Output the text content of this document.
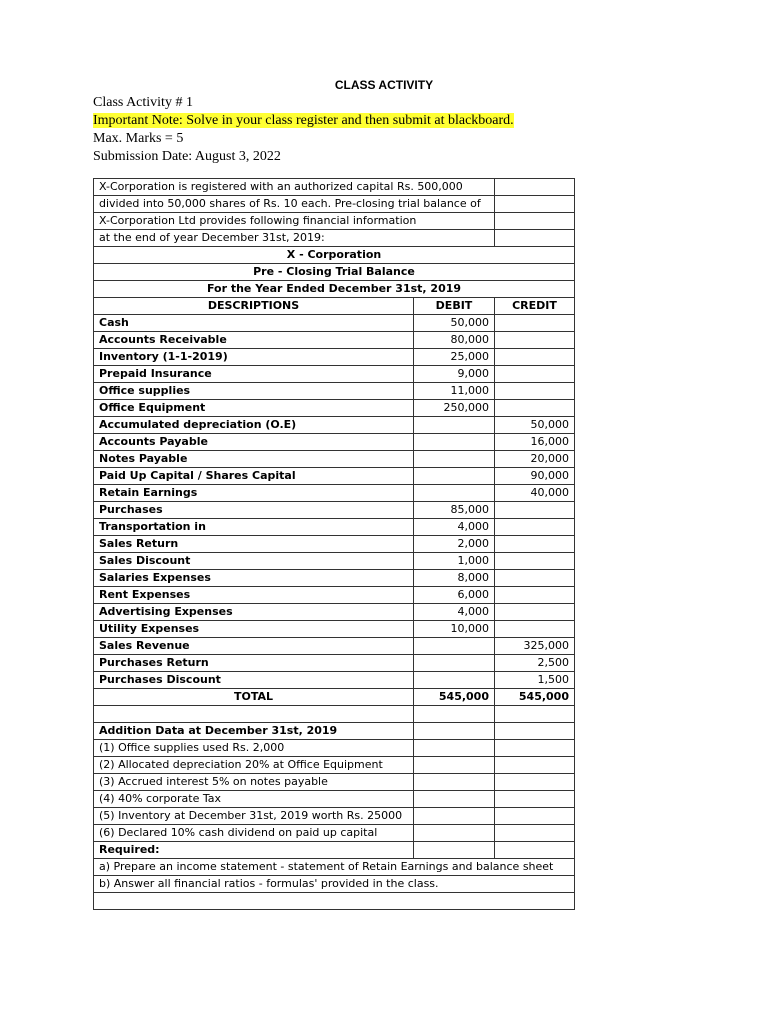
CLASS ACTIVITY
Class Activity # 1
Important Note: Solve in your class register and then submit at blackboard.
Max. Marks = 5
Submission Date: August 3, 2022
X-Corporation is registered with an authorized capital Rs. 500,000		
divided into 50,000 shares of Rs. 10 each. Pre-closing trial balance of		
X-Corporation Ltd provides following financial information		
at the end of year December 31st, 2019:		
X - Corporation		
Pre - Closing Trial Balance		
For the Year Ended December 31st, 2019		
DESCRIPTIONS	DEBIT	CREDIT
Cash	50,000	
Accounts Receivable	80,000	
Inventory (1-1-2019)	25,000	
Prepaid Insurance	9,000	
Office supplies	11,000	
Office Equipment	250,000	
Accumulated depreciation (O.E)		50,000
Accounts Payable		16,000
Notes Payable		20,000
Paid Up Capital / Shares Capital		90,000
Retain Earnings		40,000
Purchases	85,000	
Transportation in	4,000	
Sales Return	2,000	
Sales Discount	1,000	
Salaries Expenses	8,000	
Rent Expenses	6,000	
Advertising Expenses	4,000	
Utility Expenses	10,000	
Sales Revenue		325,000
Purchases Return		2,500
Purchases Discount		1,500
TOTAL	545,000	545,000

Addition Data at December 31st, 2019		
(1) Office supplies used Rs. 2,000		
(2) Allocated depreciation 20% at Office Equipment		
(3) Accrued interest 5% on notes payable		
(4) 40% corporate Tax		
(5) Inventory at December 31st, 2019 worth Rs. 25000		
(6) Declared 10% cash dividend on paid up capital		
Required:		
a) Prepare an income statement - statement of Retain Earnings and balance sheet		
b) Answer all financial ratios - formulas' provided in the class.		
